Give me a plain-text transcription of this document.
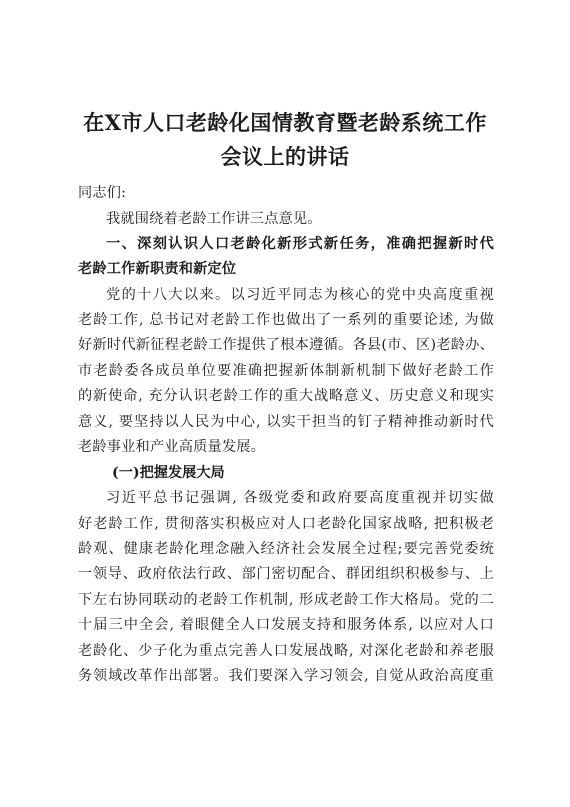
在X市人口老龄化国情教育暨老龄系统工作
会议上的讲话
同志们:
我就围绕着老龄工作讲三点意见。
一、深刻认识人口老龄化新形式新任务，准确把握新时代
老龄工作新职责和新定位
党的十八大以来。以习近平同志为核心的党中央高度重视
老龄工作, 总书记对老龄工作也做出了一系列的重要论述, 为做
好新时代新征程老龄工作提供了根本遵循。各县(市、区)老龄办、
市老龄委各成员单位要准确把握新体制新机制下做好老龄工作
的新使命, 充分认识老龄工作的重大战略意义、历史意义和现实
意义, 要坚持以人民为中心, 以实干担当的钉子精神推动新时代
老龄事业和产业高质量发展。
(一)把握发展大局
习近平总书记强调, 各级党委和政府要高度重视并切实做
好老龄工作, 贯彻落实积极应对人口老龄化国家战略, 把积极老
龄观、健康老龄化理念融入经济社会发展全过程;要完善党委统
一领导、政府依法行政、部门密切配合、群团组织积极参与、上
下左右协同联动的老龄工作机制, 形成老龄工作大格局。党的二
十届三中全会, 着眼健全人口发展支持和服务体系, 以应对人口
老龄化、少子化为重点完善人口发展战略, 对深化老龄和养老服
务领域改革作出部署。我们要深入学习领会, 自觉从政治高度重
